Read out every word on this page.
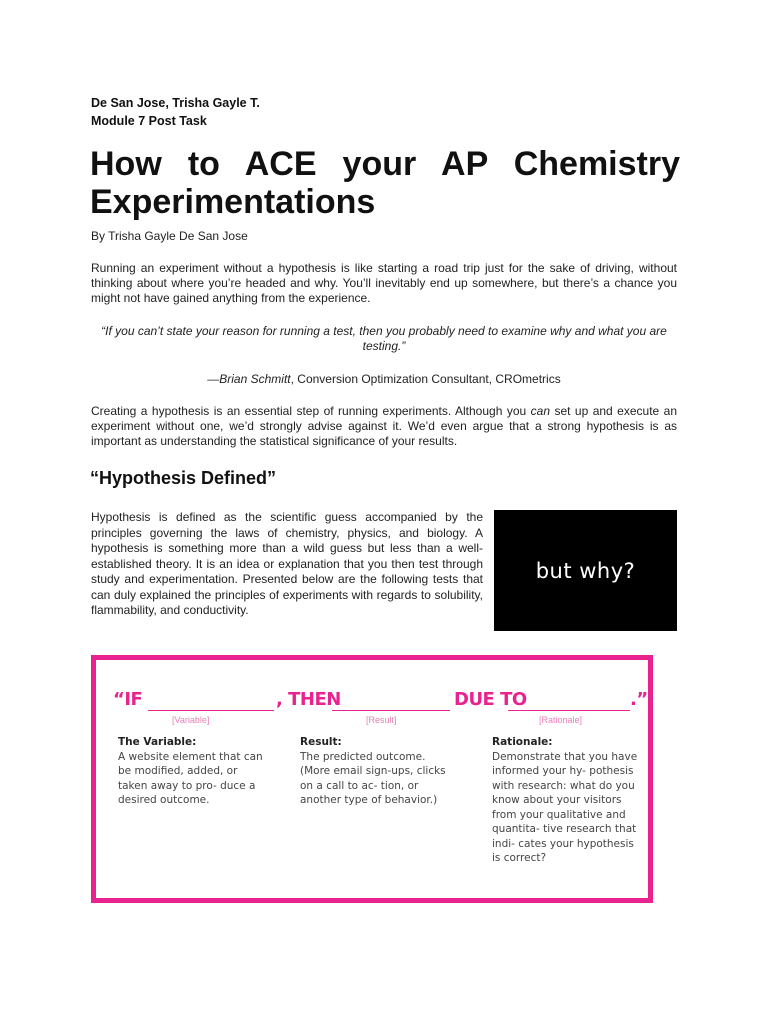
De San Jose, Trisha Gayle T.
Module 7 Post Task
How to ACE your AP Chemistry Experimentations
By Trisha Gayle De San Jose

Running an experiment without a hypothesis is like starting a road trip just for the sake of driving, without thinking about where you’re headed and why. You’ll inevitably end up somewhere, but there’s a chance you might not have gained anything from the experience.

“If you can’t state your reason for running a test, then you probably need to examine why and what you are testing.”

—Brian Schmitt, Conversion Optimization Consultant, CROmetrics

Creating a hypothesis is an essential step of running experiments. Although you can set up and execute an experiment without one, we’d strongly advise against it. We’d even argue that a strong hypothesis is as important as understanding the statistical significance of your results.

“Hypothesis Defined”

Hypothesis is defined as the scientific guess accompanied by the principles governing the laws of chemistry, physics, and biology. A hypothesis is something more than a wild guess but less than a well-established theory. It is an idea or explanation that you then test through study and experimentation. Presented below are the following tests that can duly explained the principles of experiments with regards to solubility, flammability, and conductivity.

but why?
“IF	, THEN	DUE TO	.”
[Variable]	[Result]	[Rationale]
The Variable:
A website element that can be modified, added, or taken away to pro- duce a desired outcome.
Result:
The predicted outcome. (More email sign-ups, clicks on a call to ac- tion, or another type of behavior.)
Rationale:
Demonstrate that you have informed your hy- pothesis with research: what do you know about your visitors from your qualitative and quantita- tive research that indi- cates your hypothesis is correct?
